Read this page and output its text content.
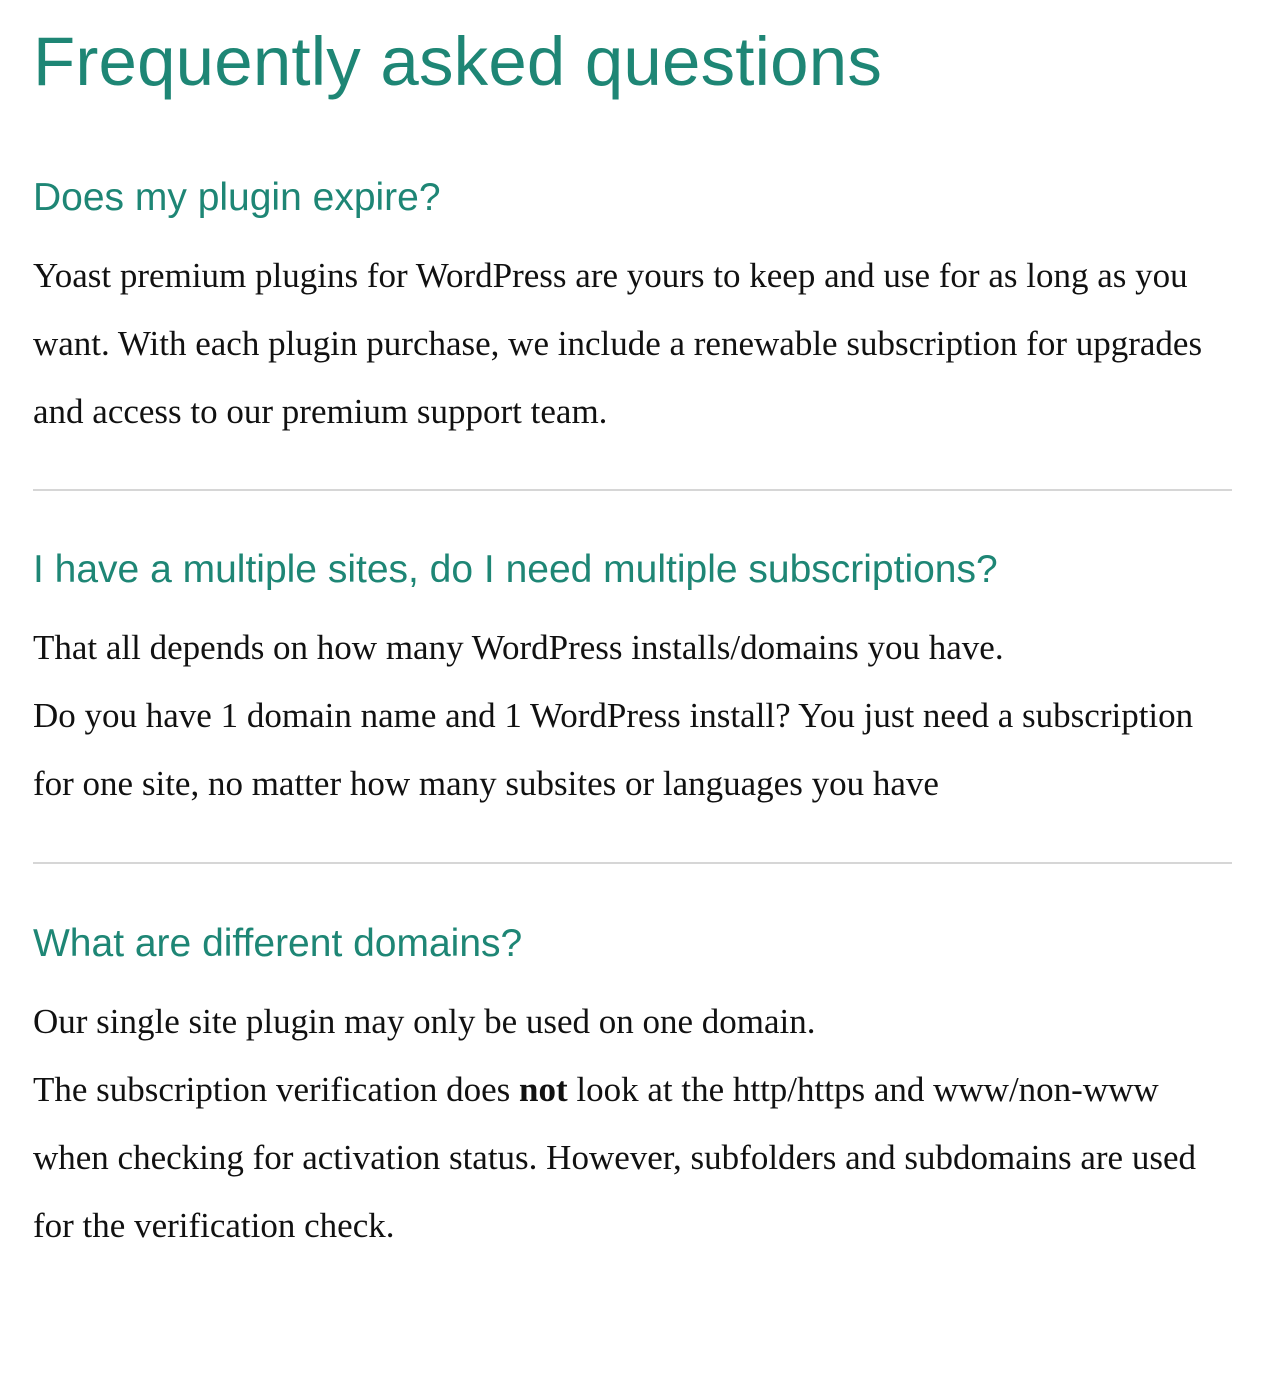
Frequently asked questions
Does my plugin expire?

Yoast premium plugins for WordPress are yours to keep and use for as long as you want. With each plugin purchase, we include a renewable subscription for upgrades and access to our premium support team.

I have a multiple sites, do I need multiple subscriptions?

That all depends on how many WordPress installs/domains you have.

Do you have 1 domain name and 1 WordPress install? You just need a subscription for one site, no matter how many subsites or languages you have

What are different domains?

Our single site plugin may only be used on one domain.

The subscription verification does not look at the http/https and www/non-www when checking for activation status. However, subfolders and subdomains are used for the verification check.
